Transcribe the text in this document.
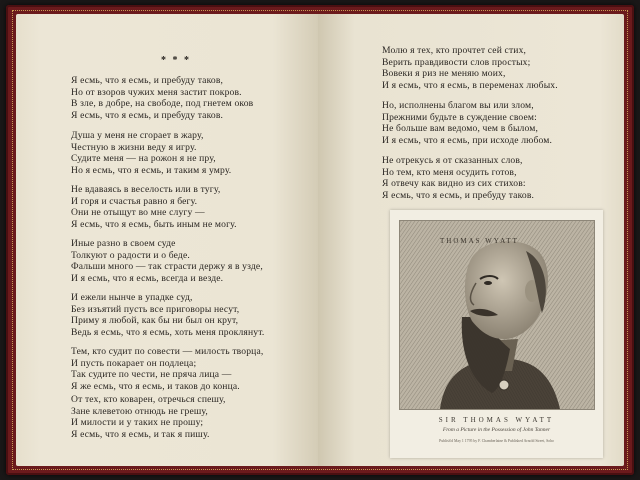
* * *
Я есмь, что я есмь, и пребуду таков,
Но от взоров чужих меня застит покров.
В зле, в добре, на свободе, под гнетем оков
Я есмь, что я есмь, и пребуду таков.
Душа у меня не сгорает в жару,
Честную в жизни веду я игру.
Судите меня — на рожон я не пру,
Но я есмь, что я есмь, и таким я умру.
Не вдаваясь в веселость или в тугу,
И горя и счастья равно я бегу.
Они не отыщут во мне слугу —
Я есмь, что я есмь, быть иным не могу.
Иные разно в своем суде
Толкуют о радости и о беде.
Фальши много — так страсти держу я в узде,
И я есмь, что я есмь, всегда и везде.
И ежели нынче в упадке суд,
Без изъятий пусть все приговоры несут,
Приму я любой, как бы ни был он крут,
Ведь я есмь, что я есмь, хоть меня проклянут.
Тем, кто судит по совести — милость творца,
И пусть покарает он подлеца;
Так судите по чести, не пряча лица —
Я же есмь, что я есмь, и таков до конца.
От тех, кто коварен, отречься спешу,
Зане клеветою отнюдь не грешу,
И милости и у таких не прошу;
Я есмь, что я есмь, и так я пишу.
Молю я тех, кто прочтет сей стих,
Верить правдивости слов простых;
Вовеки я риз не меняю моих,
И я есмь, что я есмь, в переменах любых.
Но, исполнены благом вы или злом,
Прежними будьте в суждение своем:
Не больше вам ведомо, чем в былом,
И я есмь, что я есмь, при исходе любом.
Не отрекусь я от сказанных слов,
Но тем, кто меня осудить готов,
Я отвечу как видно из сих стихов:
Я есмь, что я есмь, и пребуду таков.
THOMAS WYATT
SIR THOMAS WYATT
From a Picture in the Possession of John Tanner
Publish'd May 1 1795 by F. Chamberlaine & Published Arnold Street, Soho
